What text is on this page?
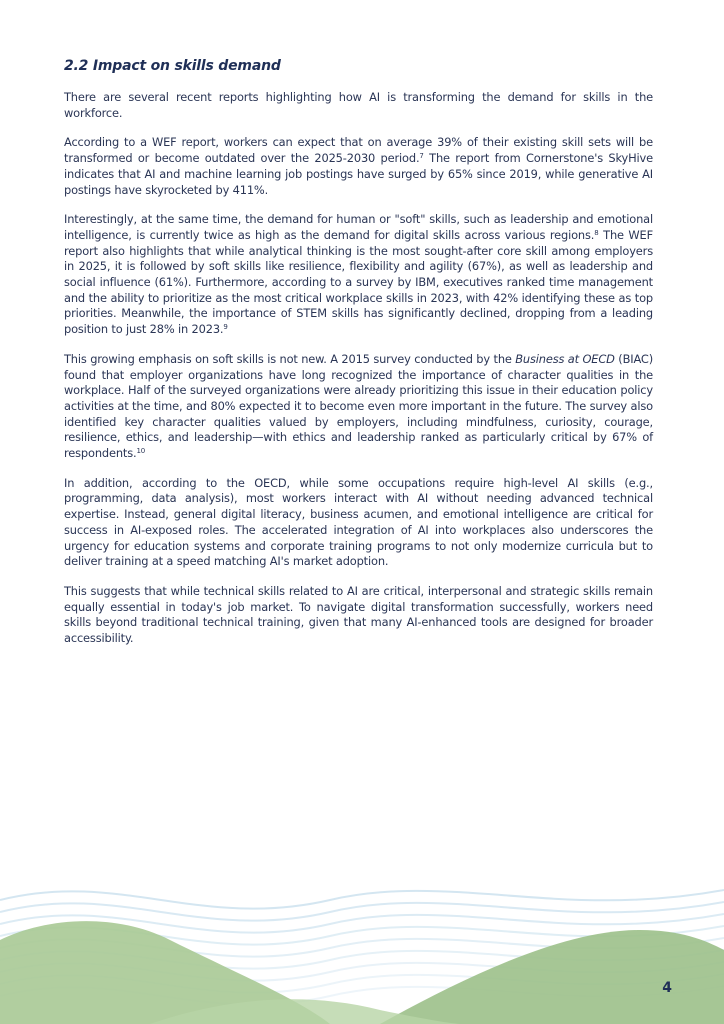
2.2 Impact on skills demand

There are several recent reports highlighting how AI is transforming the demand for skills in the workforce.

According to a WEF report, workers can expect that on average 39% of their existing skill sets will be transformed or become outdated over the 2025-2030 period.$^7$ The report from Cornerstone's SkyHive indicates that AI and machine learning job postings have surged by 65% since 2019, while generative AI postings have skyrocketed by 411%.

Interestingly, at the same time, the demand for human or "soft" skills, such as leadership and emotional intelligence, is currently twice as high as the demand for digital skills across various regions.$^8$ The WEF report also highlights that while analytical thinking is the most sought-after core skill among employers in 2025, it is followed by soft skills like resilience, flexibility and agility (67%), as well as leadership and social influence (61%). Furthermore, according to a survey by IBM, executives ranked time management and the ability to prioritize as the most critical workplace skills in 2023, with 42% identifying these as top priorities. Meanwhile, the importance of STEM skills has significantly declined, dropping from a leading position to just 28% in 2023.$^9$

This growing emphasis on soft skills is not new. A 2015 survey conducted by the Business at OECD (BIAC) found that employer organizations have long recognized the importance of character qualities in the workplace. Half of the surveyed organizations were already prioritizing this issue in their education policy activities at the time, and 80% expected it to become even more important in the future. The survey also identified key character qualities valued by employers, including mindfulness, curiosity, courage, resilience, ethics, and leadership—with ethics and leadership ranked as particularly critical by 67% of respondents.$^{10}$

In addition, according to the OECD, while some occupations require high-level AI skills (e.g., programming, data analysis), most workers interact with AI without needing advanced technical expertise. Instead, general digital literacy, business acumen, and emotional intelligence are critical for success in AI-exposed roles. The accelerated integration of AI into workplaces also underscores the urgency for education systems and corporate training programs to not only modernize curricula but to deliver training at a speed matching AI's market adoption.

This suggests that while technical skills related to AI are critical, interpersonal and strategic skills remain equally essential in today's job market. To navigate digital transformation successfully, workers need skills beyond traditional technical training, given that many AI-enhanced tools are designed for broader accessibility.

4
